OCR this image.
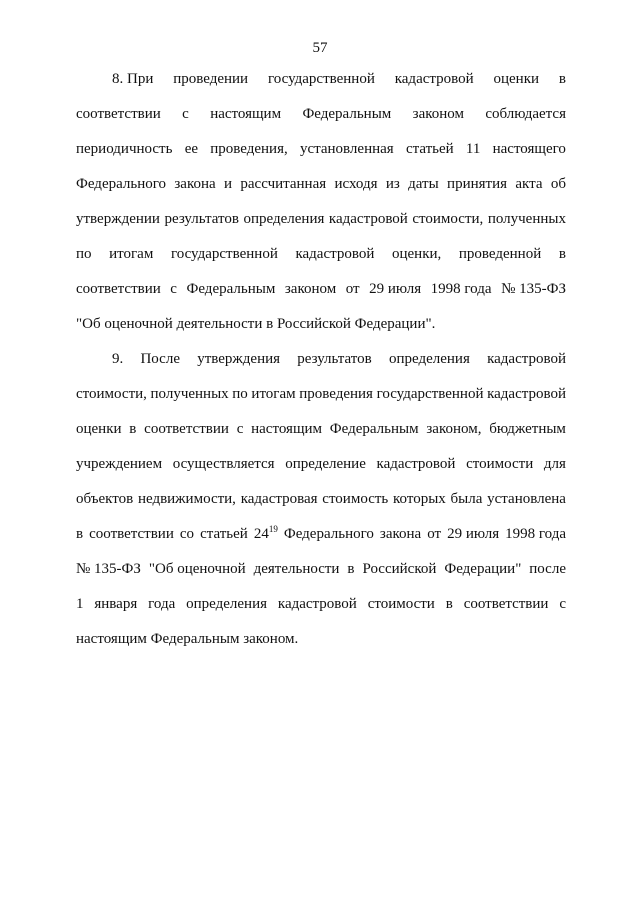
57
8. При проведении государственной кадастровой оценки в
соответствии с настоящим Федеральным законом соблюдается
периодичность ее проведения, установленная статьей 11 настоящего
Федерального закона и рассчитанная исходя из даты принятия акта об
утверждении результатов определения кадастровой стоимости, полученных
по итогам государственной кадастровой оценки, проведенной в
соответствии с Федеральным законом от 29 июля 1998 года № 135-ФЗ
"Об оценочной деятельности в Российской Федерации".
9. После утверждения результатов определения кадастровой
стоимости, полученных по итогам проведения государственной кадастровой
оценки в соответствии с настоящим Федеральным законом, бюджетным
учреждением осуществляется определение кадастровой стоимости для
объектов недвижимости, кадастровая стоимость которых была установлена
в соответствии со статьей $24^{19}$ Федерального закона от 29 июля 1998 года
№ 135-ФЗ "Об оценочной деятельности в Российской Федерации" после
1 января года определения кадастровой стоимости в соответствии с
настоящим Федеральным законом.
